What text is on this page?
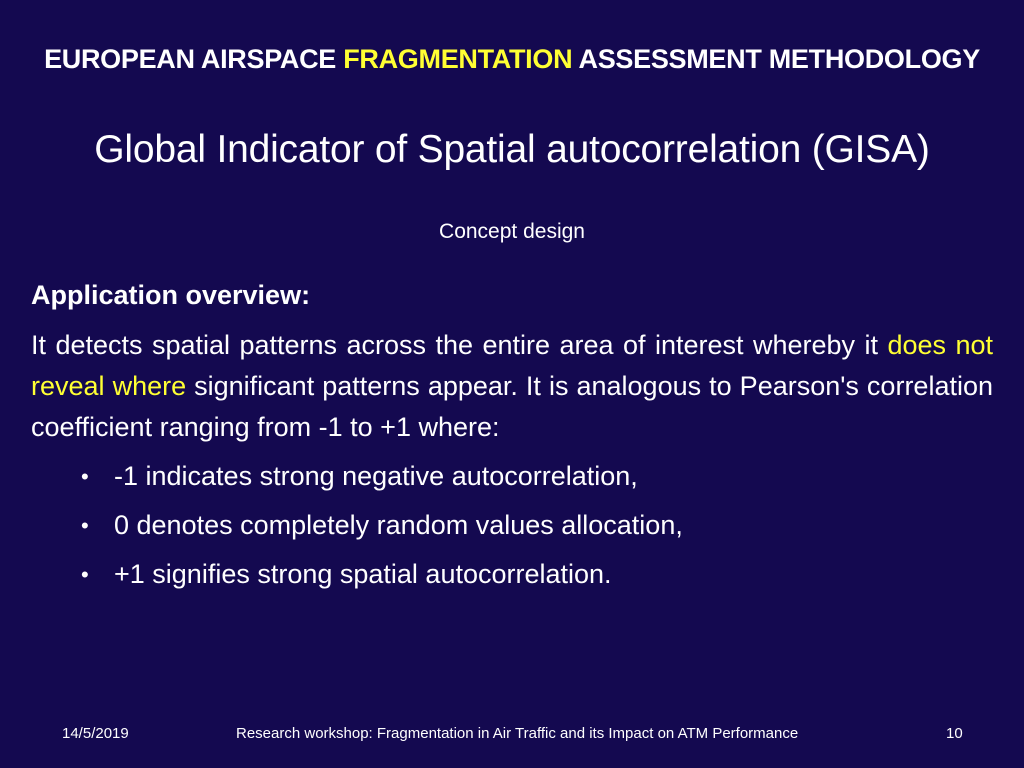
EUROPEAN AIRSPACE FRAGMENTATION ASSESSMENT METHODOLOGY
Global Indicator of Spatial autocorrelation (GISA)
Concept design
Application overview:

It detects spatial patterns across the entire area of interest whereby it does not reveal where significant patterns appear. It is analogous to Pearson's correlation coefficient ranging from -1 to +1 where:

• -1 indicates strong negative autocorrelation,
• 0 denotes completely random values allocation,
• +1 signifies strong spatial autocorrelation.
14/5/2019	Research workshop: Fragmentation in Air Traffic and its Impact on ATM Performance	10
